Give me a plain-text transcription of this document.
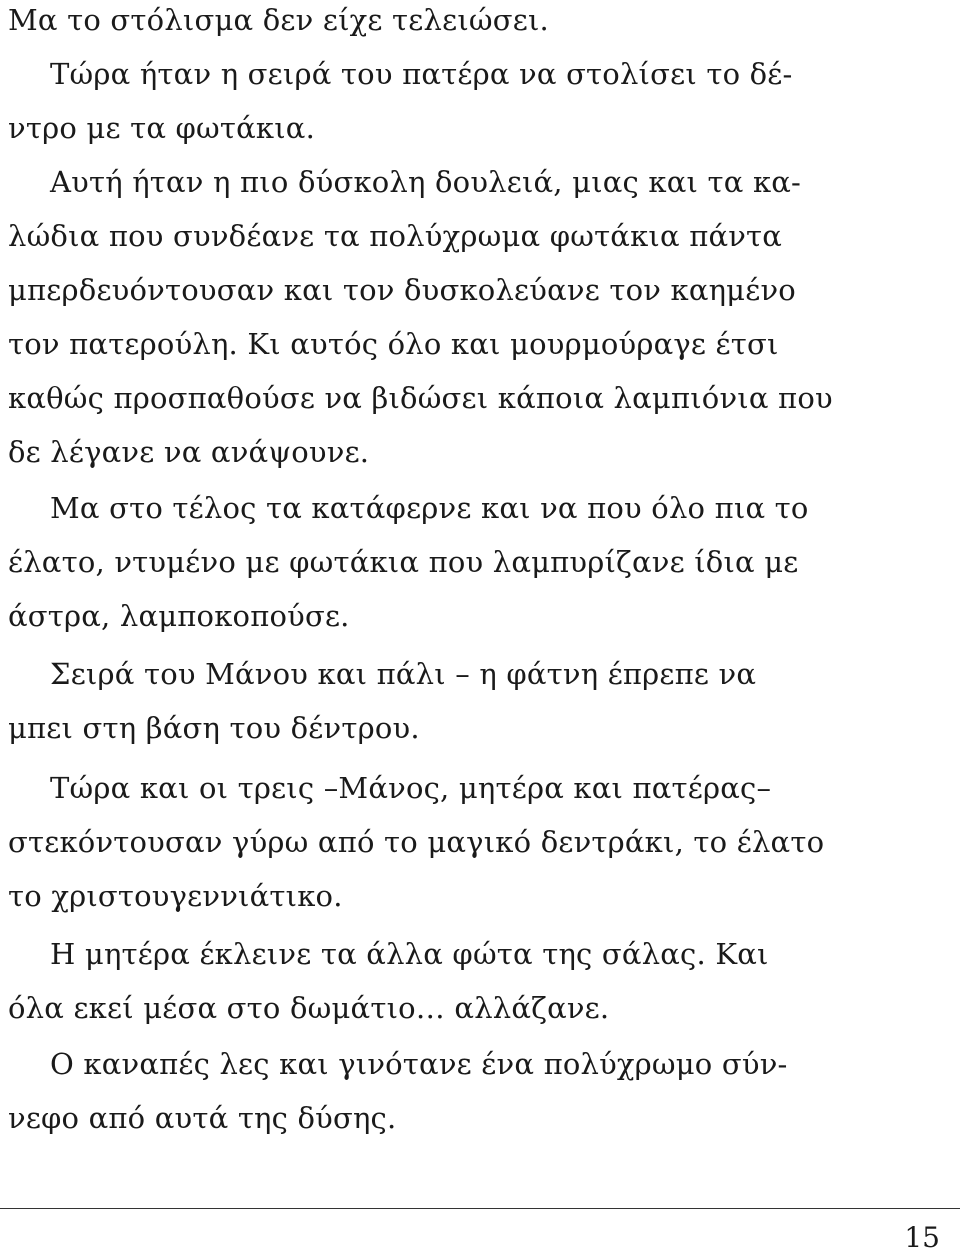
Μα το στόλισμα δεν είχε τελειώσει.
Τώρα ήταν η σειρά του πατέρα να στολίσει το δέ-
ντρο με τα φωτάκια.
Αυτή ήταν η πιο δύσκολη δουλειά, μιας και τα κα-
λώδια που συνδέανε τα πολύχρωμα φωτάκια πάντα
μπερδευόντουσαν και τον δυσκολεύανε τον καημένο
τον πατερούλη. Κι αυτός όλο και μουρμούραγε έτσι
καθώς προσπαθούσε να βιδώσει κάποια λαμπιόνια που
δε λέγανε να ανάψουνε.
Μα στο τέλος τα κατάφερνε και να που όλο πια το
έλατο, ντυμένο με φωτάκια που λαμπυρίζανε ίδια με
άστρα, λαμποκοπούσε.
Σειρά του Μάνου και πάλι – η φάτνη έπρεπε να
μπει στη βάση του δέντρου.
Τώρα και οι τρεις –Μάνος, μητέρα και πατέρας–
στεκόντουσαν γύρω από το μαγικό δεντράκι, το έλατο
το χριστουγεννιάτικο.
Η μητέρα έκλεινε τα άλλα φώτα της σάλας. Και
όλα εκεί μέσα στο δωμάτιο… αλλάζανε.
Ο καναπές λες και γινότανε ένα πολύχρωμο σύν-
νεφο από αυτά της δύσης.
15
